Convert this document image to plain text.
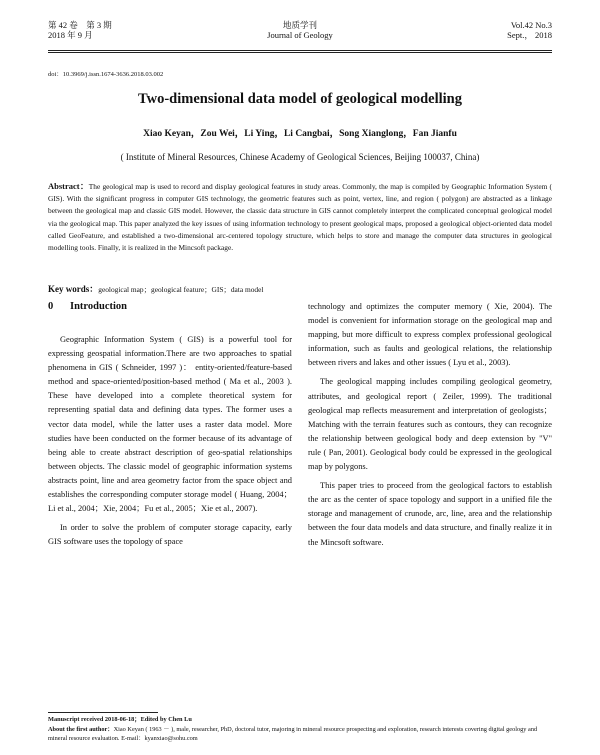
第 42 卷　第 3 期
2018 年 9 月
地质学刊
Journal of Geology
Vol.42 No.3
Sept.， 2018
doi：10.3969/j.issn.1674-3636.2018.03.002
Two-dimensional data model of geological modelling
Xiao Keyan，Zou Wei，Li Ying，Li Cangbai，Song Xianglong，Fan Jianfu
( Institute of Mineral Resources, Chinese Academy of Geological Sciences, Beijing 100037, China)
Abstract：The geological map is used to record and display geological features in study areas. Commonly, the map is compiled by Geographic Information System ( GIS). With the significant progress in computer GIS technology, the geometric features such as point, vertex, line, and region ( polygon) are abstracted as a linkage between the geological map and classic GIS model. However, the classic data structure in GIS cannot completely interpret the complicated conceptual geological model via the geological map. This paper analyzed the key issues of using information technology to present geological maps, proposed a geological object-oriented data model called GeoFeature, and established a two-dimensional arc-centered topology structure, which helps to store and manage the computer data structures in geological modelling tools. Finally, it is realized in the Mincsoft package.
Key words：geological map；geological feature；GIS；data model
0 Introduction

Geographic Information System ( GIS) is a powerful tool for expressing geospatial information.There are two approaches to spatial phenomena in GIS ( Schneider, 1997 )： entity-oriented/feature-based method and space-oriented/position-based method ( Ma et al., 2003 ). These have developed into a complete theoretical system for representing spatial data and defining data types. The former uses a vector data model, while the latter uses a raster data model. More studies have been conducted on the former because of its advantage of being able to create abstract description of geo-spatial relationships between objects. The classic model of geographic information systems abstracts point, line and area geometry factor from the space object and establishes the corresponding computer storage model ( Huang, 2004；Li et al., 2004；Xie, 2004；Fu et al., 2005；Xie et al., 2007).

In order to solve the problem of computer storage capacity, early GIS software uses the topology of space

technology and optimizes the computer memory ( Xie, 2004). The model is convenient for information storage on the geological map and mapping, but more difficult to express complex professional geological information, such as faults and geological relations, the relationship between rivers and lakes and other issues ( Lyu et al., 2003).

The geological mapping includes compiling geological geometry, attributes, and geological report ( Zeiler, 1999). The traditional geological map reflects measurement and interpretation of geologists；Matching with the terrain features such as contours, they can recognize the relationship between geological body and deep extension by "V" rule ( Pan, 2001). Geological body could be expressed in the geological map by polygons.

This paper tries to proceed from the geological factors to establish the arc as the center of space topology and support in a unified file the storage and management of crunode, arc, line, area and the relationship between the four data models and data structure, and finally realize it in the Mincsoft software.

Manuscript received 2018-06-18；Edited by Chen Lu
About the first author：Xiao Keyan ( 1963 － ), male, researcher, PhD, doctoral tutor, majoring in mineral resource prospecting and exploration, research interests covering digital geology and mineral resource evaluation. E-mail：kyanxiao@sohu.com
